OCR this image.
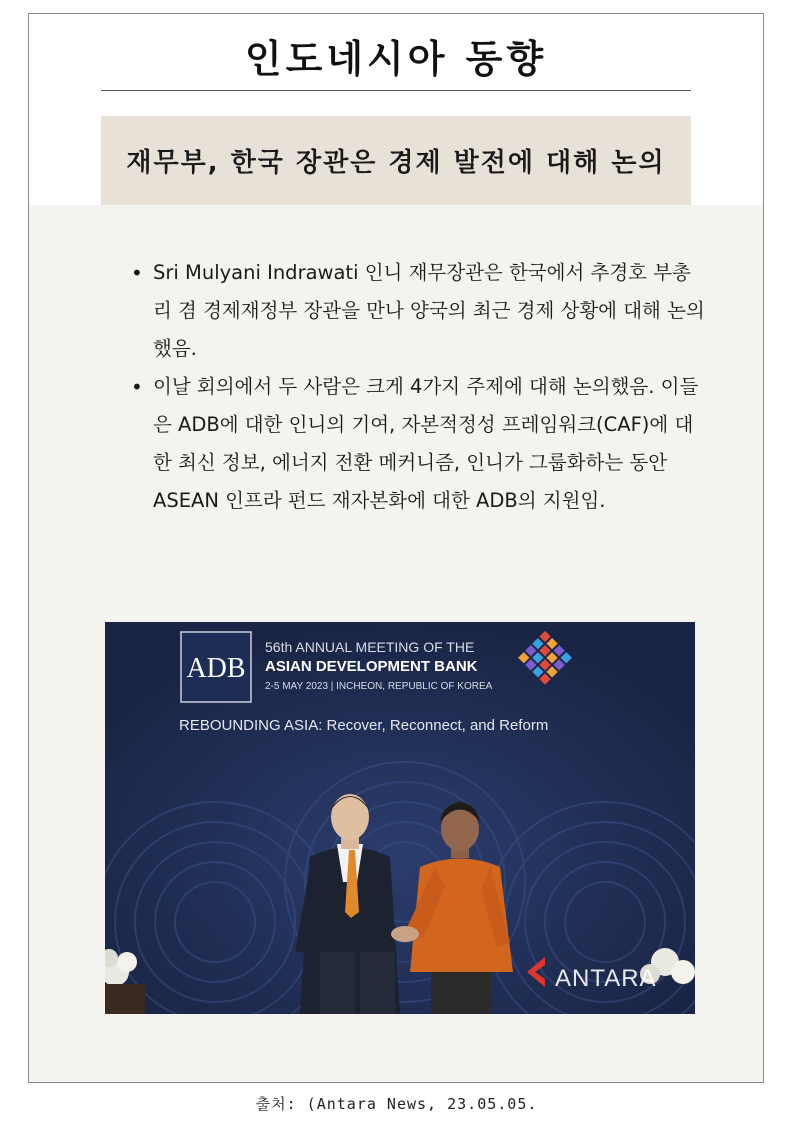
인도네시아 동향
재무부, 한국 장관은 경제 발전에 대해 논의
• Sri Mulyani Indrawati 인니 재무장관은 한국에서 추경호 부총리 겸 경제재정부 장관을 만나 양국의 최근 경제 상황에 대해 논의했음.
• 이날 회의에서 두 사람은 크게 4가지 주제에 대해 논의했음. 이들은 ADB에 대한 인니의 기여, 자본적정성 프레임워크(CAF)에 대한 최신 정보, 에너지 전환 메커니즘, 인니가 그룹화하는 동안 ASEAN 인프라 펀드 재자본화에 대한 ADB의 지원임.
ADB
56th ANNUAL MEETING OF THE
ASIAN DEVELOPMENT BANK
2-5 MAY 2023 | INCHEON, REPUBLIC OF KOREA
REBOUNDING ASIA: Recover, Reconnect, and Reform
ANTARA
출처: (Antara News, 23.05.05.
